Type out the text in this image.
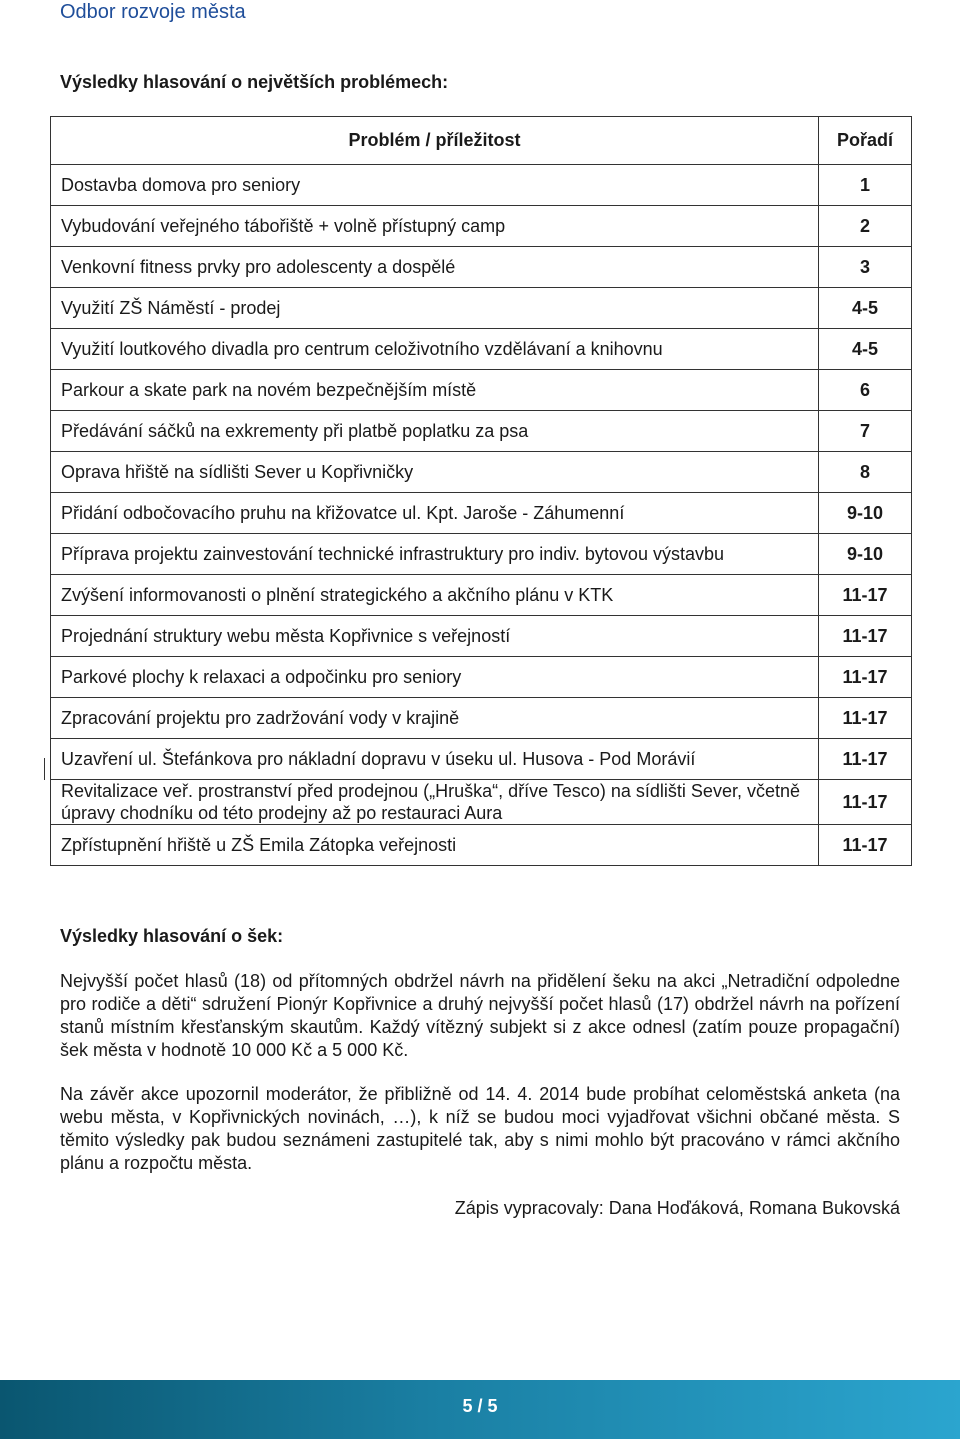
Odbor rozvoje města
Výsledky hlasování o největších problémech:
Problém / příležitost	Pořadí
Dostavba domova pro seniory	1
Vybudování veřejného tábořiště + volně přístupný camp	2
Venkovní fitness prvky pro adolescenty a dospělé	3
Využití ZŠ Náměstí - prodej	4-5
Využití loutkového divadla pro centrum celoživotního vzdělávaní a knihovnu	4-5
Parkour a skate park na novém bezpečnějším místě	6
Předávání sáčků na exkrementy při platbě poplatku za psa	7
Oprava hřiště na sídlišti Sever u Kopřivničky	8
Přidání odbočovacího pruhu na křižovatce ul. Kpt. Jaroše - Záhumenní	9-10
Příprava projektu zainvestování technické infrastruktury pro indiv. bytovou výstavbu	9-10
Zvýšení informovanosti o plnění strategického a akčního plánu v KTK	11-17
Projednání struktury webu města Kopřivnice s veřejností	11-17
Parkové plochy k relaxaci a odpočinku pro seniory	11-17
Zpracování projektu pro zadržování vody v krajině	11-17
Uzavření ul. Štefánkova pro nákladní dopravu v úseku ul. Husova - Pod Morávií	11-17
Revitalizace veř. prostranství před prodejnou („Hruška“, dříve Tesco) na sídlišti Sever, včetně úpravy chodníku od této prodejny až po restauraci Aura	11-17
Zpřístupnění hřiště u ZŠ Emila Zátopka veřejnosti	11-17
Výsledky hlasování o šek:
Nejvyšší počet hlasů (18) od přítomných obdržel návrh na přidělení šeku na akci „Netradiční odpoledne pro rodiče a děti“ sdružení Pionýr Kopřivnice a druhý nejvyšší počet hlasů (17) obdržel návrh na pořízení stanů místním křesťanským skautům. Každý vítězný subjekt si z akce odnesl (zatím pouze propagační) šek města v hodnotě 10 000 Kč a 5 000 Kč.
Na závěr akce upozornil moderátor, že přibližně od 14. 4. 2014 bude probíhat celoměstská anketa (na webu města, v Kopřivnických novinách, …), k níž se budou moci vyjadřovat všichni občané města. S těmito výsledky pak budou seznámeni zastupitelé tak, aby s nimi mohlo být pracováno v rámci akčního plánu a rozpočtu města.
Zápis vypracovaly: Dana Hoďáková, Romana Bukovská
5 / 5
